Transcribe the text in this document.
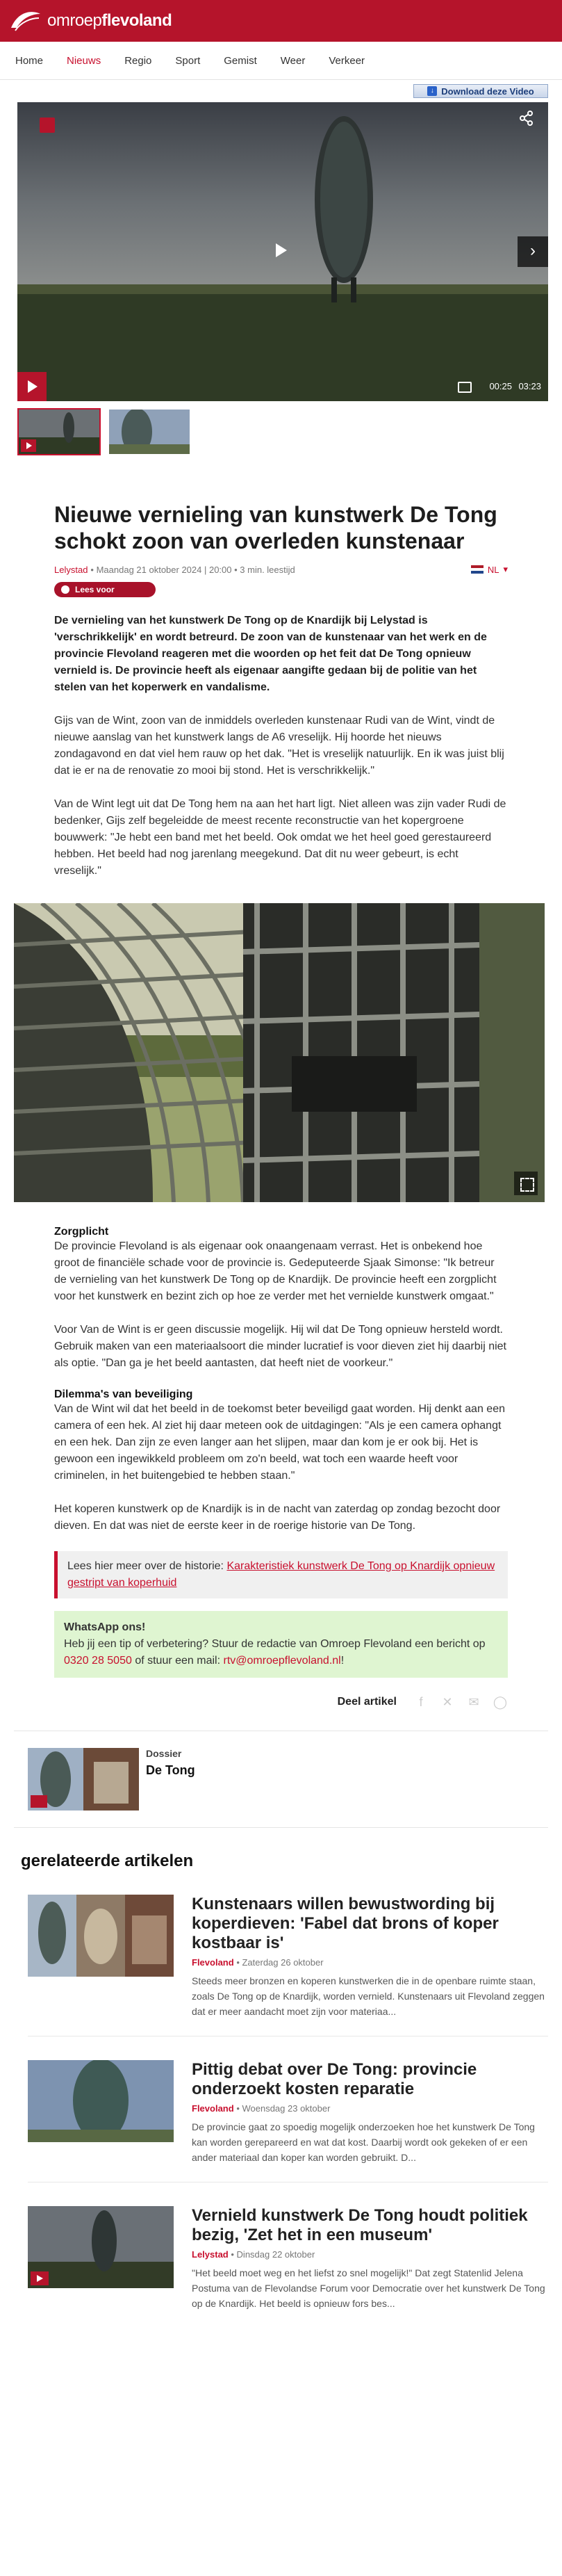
omroepflevoland
Home Nieuws Regio Sport Gemist Weer Verkeer
↓ Download deze Video
›
00:25 03:23
Nieuwe vernieling van kunstwerk De Tong schokt zoon van overleden kunstenaar
Lelystad • Maandag 21 oktober 2024 | 20:00 • 3 min. leestijd	NL ▾
Lees voor

De vernieling van het kunstwerk De Tong op de Knardijk bij Lelystad is 'verschrikkelijk' en wordt betreurd. De zoon van de kunstenaar van het werk en de provincie Flevoland reageren met die woorden op het feit dat De Tong opnieuw vernield is. De provincie heeft als eigenaar aangifte gedaan bij de politie van het stelen van het koperwerk en vandalisme.

Gijs van de Wint, zoon van de inmiddels overleden kunstenaar Rudi van de Wint, vindt de nieuwe aanslag van het kunstwerk langs de A6 vreselijk. Hij hoorde het nieuws zondagavond en dat viel hem rauw op het dak. "Het is vreselijk natuurlijk. En ik was juist blij dat ie er na de renovatie zo mooi bij stond. Het is verschrikkelijk."

Van de Wint legt uit dat De Tong hem na aan het hart ligt. Niet alleen was zijn vader Rudi de bedenker, Gijs zelf begeleidde de meest recente reconstructie van het kopergroene bouwwerk: "Je hebt een band met het beeld. Ook omdat we het heel goed gerestaureerd hebben. Het beeld had nog jarenlang meegekund. Dat dit nu weer gebeurt, is echt vreselijk."

Zorgplicht

De provincie Flevoland is als eigenaar ook onaangenaam verrast. Het is onbekend hoe groot de financiële schade voor de provincie is. Gedeputeerde Sjaak Simonse: "Ik betreur de vernieling van het kunstwerk De Tong op de Knardijk. De provincie heeft een zorgplicht voor het kunstwerk en bezint zich op hoe ze verder met het vernielde kunstwerk omgaat."

Voor Van de Wint is er geen discussie mogelijk. Hij wil dat De Tong opnieuw hersteld wordt. Gebruik maken van een materiaalsoort die minder lucratief is voor dieven ziet hij daarbij niet als optie. "Dan ga je het beeld aantasten, dat heeft niet de voorkeur."

Dilemma's van beveiliging

Van de Wint wil dat het beeld in de toekomst beter beveiligd gaat worden. Hij denkt aan een camera of een hek. Al ziet hij daar meteen ook de uitdagingen: "Als je een camera ophangt en een hek. Dan zijn ze even langer aan het slijpen, maar dan kom je er ook bij. Het is gewoon een ingewikkeld probleem om zo'n beeld, wat toch een waarde heeft voor criminelen, in het buitengebied te hebben staan."

Het koperen kunstwerk op de Knardijk is in de nacht van zaterdag op zondag bezocht door dieven. En dat was niet de eerste keer in de roerige historie van De Tong.

Lees hier meer over de historie: Karakteristiek kunstwerk De Tong op Knardijk opnieuw gestript van koperhuid
WhatsApp ons!
Heb jij een tip of verbetering? Stuur de redactie van Omroep Flevoland een bericht op 0320 28 5050 of stuur een mail: rtv@omroepflevoland.nl!
Deel artikel	f	✕ ✉ ◯
Dossier
De Tong
gerelateerde artikelen
Kunstenaars willen bewustwording bij koperdieven: 'Fabel dat brons of koper kostbaar is'
Flevoland • Zaterdag 26 oktober
Steeds meer bronzen en koperen kunstwerken die in de openbare ruimte staan, zoals De Tong op de Knardijk, worden vernield. Kunstenaars uit Flevoland zeggen dat er meer aandacht moet zijn voor materiaa...
Pittig debat over De Tong: provincie onderzoekt kosten reparatie
Flevoland • Woensdag 23 oktober
De provincie gaat zo spoedig mogelijk onderzoeken hoe het kunstwerk De Tong kan worden gerepareerd en wat dat kost. Daarbij wordt ook gekeken of er een ander materiaal dan koper kan worden gebruikt. D...
Vernield kunstwerk De Tong houdt politiek bezig, 'Zet het in een museum'
Lelystad • Dinsdag 22 oktober
"Het beeld moet weg en het liefst zo snel mogelijk!" Dat zegt Statenlid Jelena Postuma van de Flevolandse Forum voor Democratie over het kunstwerk De Tong op de Knardijk. Het beeld is opnieuw fors bes...
